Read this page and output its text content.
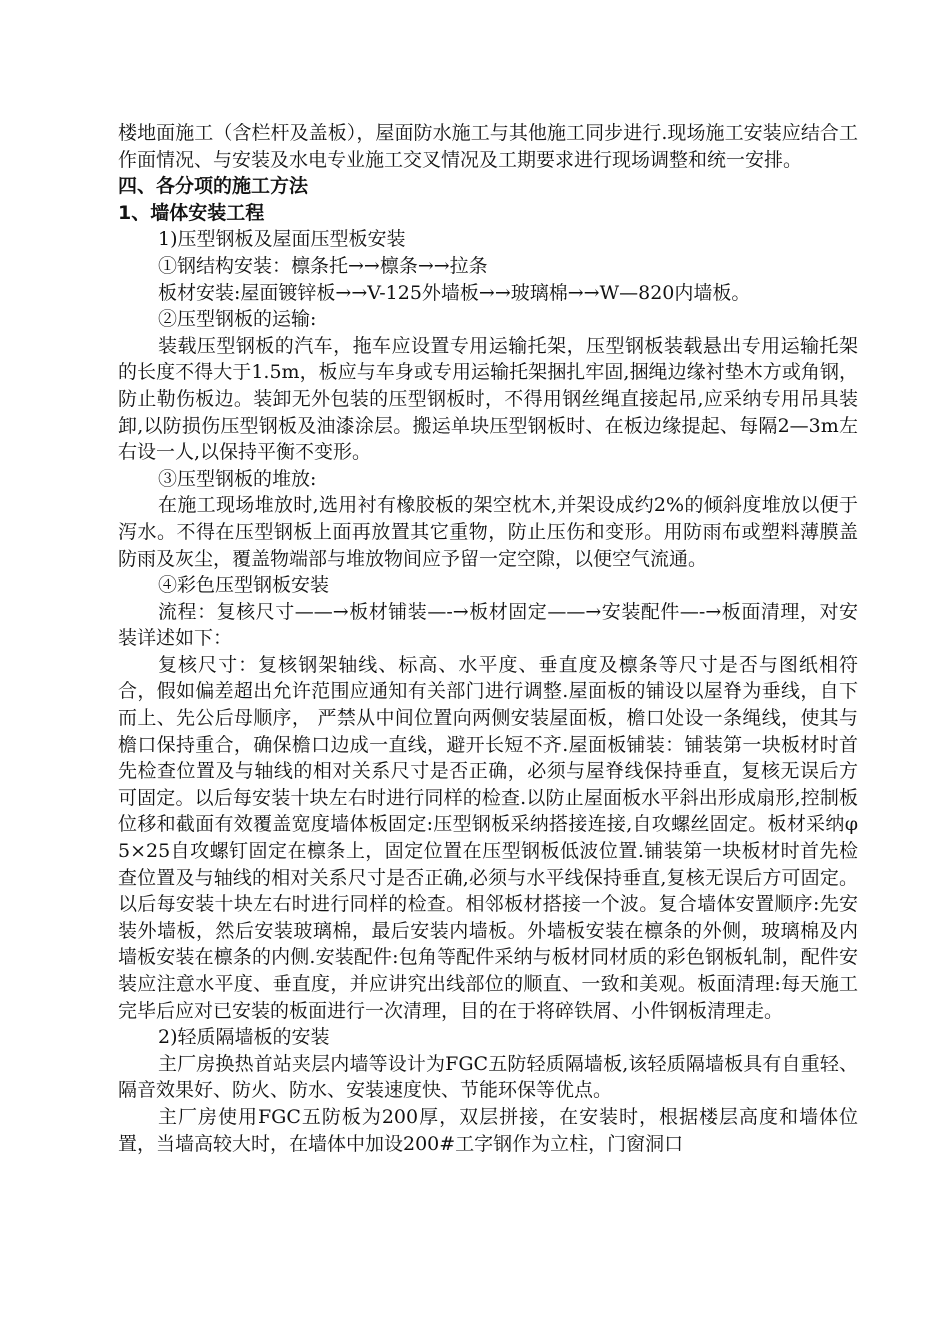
楼地面施工（含栏杆及盖板），屋面防水施工与其他施工同步进行.现场施工安装应结合工作面情况、与安装及水电专业施工交叉情况及工期要求进行现场调整和统一安排。

四、各分项的施工方法

1、墙体安装工程

1)压型钢板及屋面压型板安装

①钢结构安装：檩条托→→檩条→→拉条

板材安装:屋面镀锌板→→V-125外墙板→→玻璃棉→→W—820内墙板。

②压型钢板的运输:

装载压型钢板的汽车，拖车应设置专用运输托架，压型钢板装载悬出专用运输托架的长度不得大于1.5m，板应与车身或专用运输托架捆扎牢固,捆绳边缘衬垫木方或角钢，防止勒伤板边。装卸无外包装的压型钢板时，不得用钢丝绳直接起吊,应采纳专用吊具装卸,以防损伤压型钢板及油漆涂层。搬运单块压型钢板时、在板边缘提起、每隔2—3m左右设一人,以保持平衡不变形。

③压型钢板的堆放:

在施工现场堆放时,选用衬有橡胶板的架空枕木,并架设成约2%的倾斜度堆放以便于泻水。不得在压型钢板上面再放置其它重物，防止压伤和变形。用防雨布或塑料薄膜盖防雨及灰尘，覆盖物端部与堆放物间应予留一定空隙，以便空气流通。

④彩色压型钢板安装

流程：复核尺寸——→板材铺装—-→板材固定——→安装配件—-→板面清理，对安装详述如下：

复核尺寸：复核钢架轴线、标高、水平度、垂直度及檩条等尺寸是否与图纸相符合，假如偏差超出允许范围应通知有关部门进行调整.屋面板的铺设以屋脊为垂线，自下而上、先公后母顺序， 严禁从中间位置向两侧安装屋面板，檐口处设一条绳线，使其与檐口保持重合，确保檐口边成一直线，避开长短不齐.屋面板铺装：铺装第一块板材时首先检查位置及与轴线的相对关系尺寸是否正确，必须与屋脊线保持垂直，复核无误后方可固定。以后每安装十块左右时进行同样的检查.以防止屋面板水平斜出形成扇形,控制板位移和截面有效覆盖宽度墙体板固定:压型钢板采纳搭接连接,自攻螺丝固定。板材采纳φ5×25自攻螺钉固定在檩条上，固定位置在压型钢板低波位置.铺装第一块板材时首先检查位置及与轴线的相对关系尺寸是否正确,必须与水平线保持垂直,复核无误后方可固定。以后每安装十块左右时进行同样的检查。相邻板材搭接一个波。复合墙体安置顺序:先安装外墙板，然后安装玻璃棉，最后安装内墙板。外墙板安装在檩条的外侧，玻璃棉及内墙板安装在檩条的内侧.安装配件:包角等配件采纳与板材同材质的彩色钢板轧制，配件安装应注意水平度、垂直度，并应讲究出线部位的顺直、一致和美观。板面清理:每天施工完毕后应对已安装的板面进行一次清理，目的在于将碎铁屑、小件钢板清理走。

2)轻质隔墙板的安装

主厂房换热首站夹层内墙等设计为FGC五防轻质隔墙板,该轻质隔墙板具有自重轻、隔音效果好、防火、防水、安装速度快、节能环保等优点。

主厂房使用FGC五防板为200厚，双层拼接，在安装时，根据楼层高度和墙体位置，当墙高较大时，在墙体中加设200#工字钢作为立柱，门窗洞口
